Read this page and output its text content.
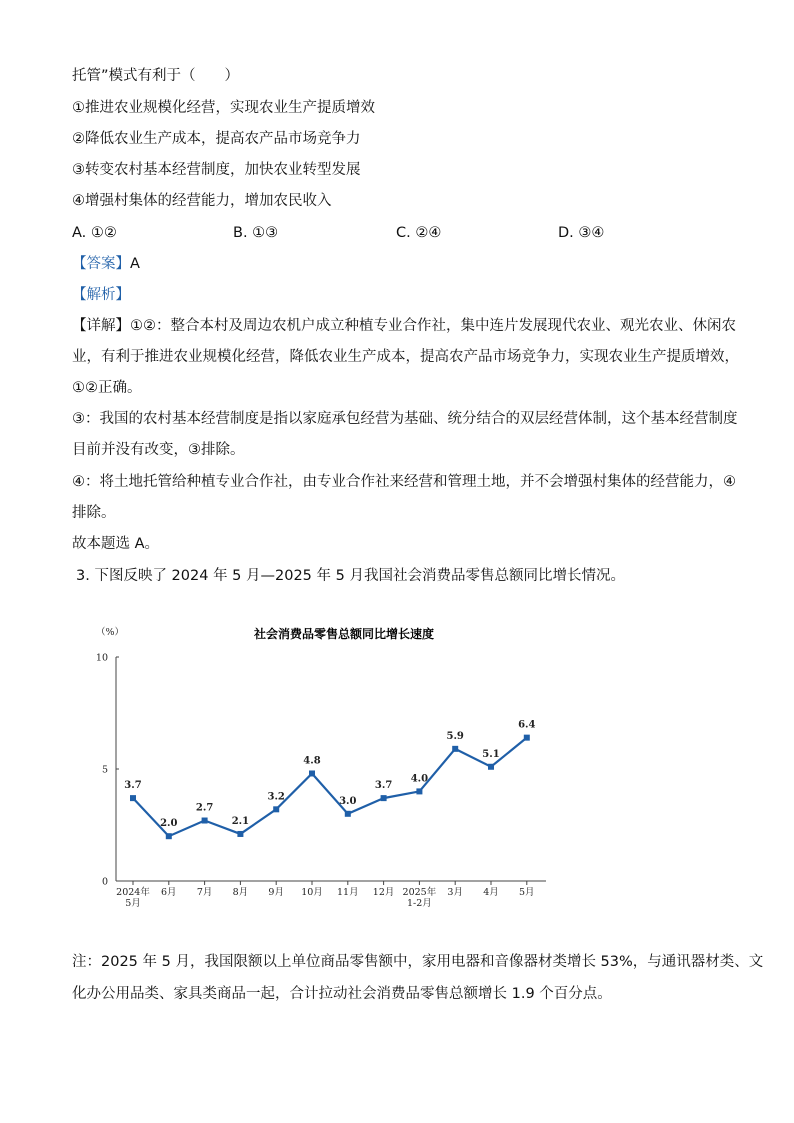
托管”模式有利于（　　）
①推进农业规模化经营，实现农业生产提质增效
②降低农业生产成本，提高农产品市场竞争力
③转变农村基本经营制度，加快农业转型发展
④增强村集体的经营能力，增加农民收入
A. ①②	B. ①③	C. ②④	D. ③④
【答案】A
【解析】
【详解】①②：整合本村及周边农机户成立种植专业合作社，集中连片发展现代农业、观光农业、休闲农
业，有利于推进农业规模化经营，降低农业生产成本，提高农产品市场竞争力，实现农业生产提质增效，
①②正确。
③：我国的农村基本经营制度是指以家庭承包经营为基础、统分结合的双层经营体制，这个基本经营制度
目前并没有改变，③排除。
④：将土地托管给种植专业合作社，由专业合作社来经营和管理土地，并不会增强村集体的经营能力，④
排除。
故本题选 A。
3. 下图反映了 2024 年 5 月—2025 年 5 月我国社会消费品零售总额同比增长情况。
社会消费品零售总额同比增长速度
（%）
0
5
10
2024年
5月
6月 7月 8月 9月 10月 11月 12月 2025年
1-2月
3月 4月 5月
3.7
2.0
2.7
2.1
3.2
4.8
3.0
3.7
4.0
5.9
5.1
6.4
注：2025 年 5 月，我国限额以上单位商品零售额中，家用电器和音像器材类增长 53%，与通讯器材类、文
化办公用品类、家具类商品一起，合计拉动社会消费品零售总额增长 1.9 个百分点。
